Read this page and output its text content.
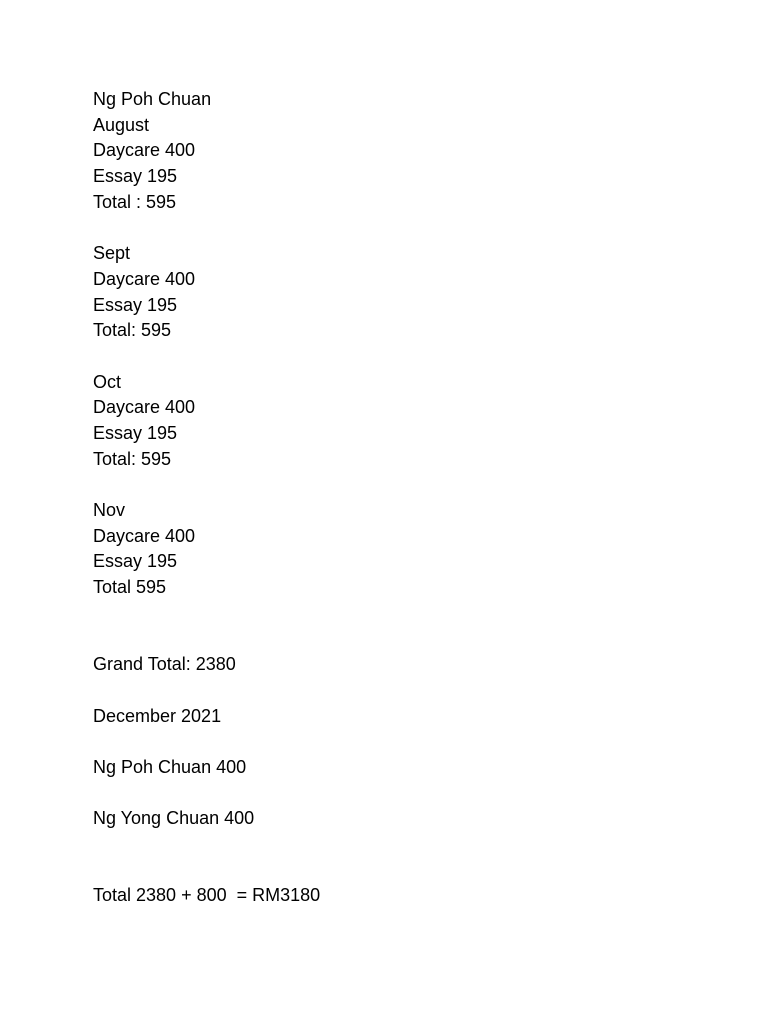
Ng Poh Chuan
August
Daycare 400
Essay 195
Total : 595
Sept
Daycare 400
Essay 195
Total: 595
Oct
Daycare 400
Essay 195
Total: 595
Nov
Daycare 400
Essay 195
Total 595
Grand Total: 2380
December 2021
Ng Poh Chuan 400
Ng Yong Chuan 400
Total 2380 + 800  = RM3180
